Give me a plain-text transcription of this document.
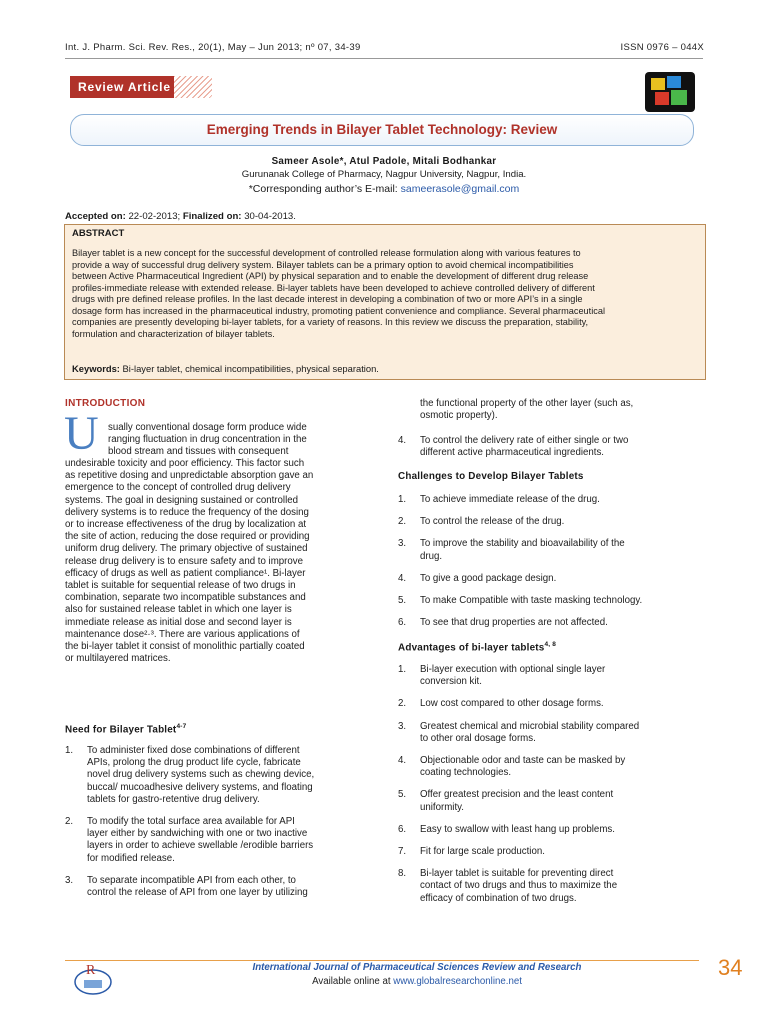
Int. J. Pharm. Sci. Rev. Res., 20(1), May – Jun 2013; nº 07, 34-39	ISSN 0976 – 044X
Review Article
Emerging Trends in Bilayer Tablet Technology: Review
Sameer Asole*, Atul Padole, Mitali Bodhankar
Gurunanak College of Pharmacy, Nagpur University, Nagpur, India.
*Corresponding author’s E-mail: sameerasole@gmail.com
Accepted on: 22-02-2013; Finalized on: 30-04-2013.
ABSTRACT
Bilayer tablet is a new concept for the successful development of controlled release formulation along with various features to
provide a way of successful drug delivery system. Bilayer tablets can be a primary option to avoid chemical incompatibilities
between Active Pharmaceutical Ingredient (API) by physical separation and to enable the development of different drug release
profiles-immediate release with extended release. Bi-layer tablets have been developed to achieve controlled delivery of different
drugs with pre defined release profiles. In the last decade interest in developing a combination of two or more API’s in a single
dosage form has increased in the pharmaceutical industry, promoting patient convenience and compliance. Several pharmaceutical
companies are presently developing bi-layer tablets, for a variety of reasons. In this review we discuss the preparation, stability,
formulation and characterization of bilayer tablets.
Keywords: Bi-layer tablet, chemical incompatibilities, physical separation.
INTRODUCTION
U sually conventional dosage form produce wide
ranging fluctuation in drug concentration in the
blood stream and tissues with consequent
undesirable toxicity and poor efficiency. This factor such
as repetitive dosing and unpredictable absorption gave an
emergence to the concept of controlled drug delivery
systems. The goal in designing sustained or controlled
delivery systems is to reduce the frequency of the dosing
or to increase effectiveness of the drug by localization at
the site of action, reducing the dose required or providing
uniform drug delivery. The primary objective of sustained
release drug delivery is to ensure safety and to improve
efficacy of drugs as well as patient compliance¹. Bi-layer
tablet is suitable for sequential release of two drugs in
combination, separate two incompatible substances and
also for sustained release tablet in which one layer is
immediate release as initial dose and second layer is
maintenance dose²·³. There are various applications of
the bi-layer tablet it consist of monolithic partially coated
or multilayered matrices.
Need for Bilayer Tablet$^{4-7}$
1. To administer fixed dose combinations of different
APIs, prolong the drug product life cycle, fabricate
novel drug delivery systems such as chewing device,
buccal/ mucoadhesive delivery systems, and floating
tablets for gastro-retentive drug delivery.
2. To modify the total surface area available for API
layer either by sandwiching with one or two inactive
layers in order to achieve swellable /erodible barriers
for modified release.
3. To separate incompatible API from each other, to
control the release of API from one layer by utilizing
the functional property of the other layer (such as,
osmotic property).
4. To control the delivery rate of either single or two
different active pharmaceutical ingredients.
Challenges to Develop Bilayer Tablets
1. To achieve immediate release of the drug.
2. To control the release of the drug.
3. To improve the stability and bioavailability of the
drug.
4. To give a good package design.
5. To make Compatible with taste masking technology.
6. To see that drug properties are not affected.
Advantages of bi-layer tablets$^{4, 8}$
1. Bi-layer execution with optional single layer
conversion kit.
2. Low cost compared to other dosage forms.
3. Greatest chemical and microbial stability compared
to other oral dosage forms.
4. Objectionable odor and taste can be masked by
coating technologies.
5. Offer greatest precision and the least content
uniformity.
6. Easy to swallow with least hang up problems.
7. Fit for large scale production.
8. Bi-layer tablet is suitable for preventing direct
contact of two drugs and thus to maximize the
efficacy of combination of two drugs.
R	International Journal of Pharmaceutical Sciences Review and Research
Available online at www.globalresearchonline.net
34
